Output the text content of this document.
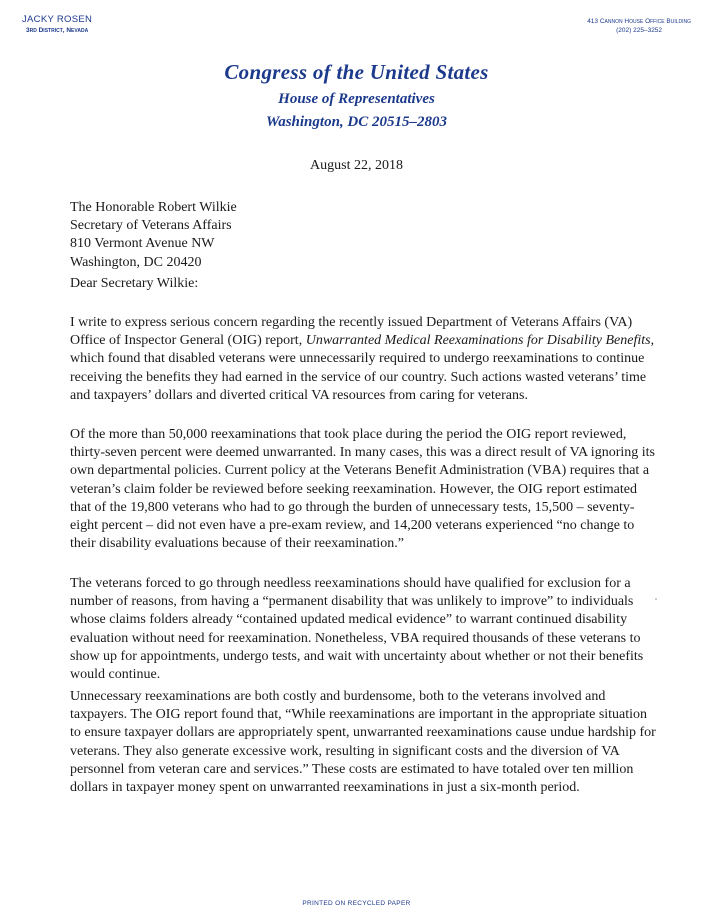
JACKY ROSEN
3rd District, Nevada
413 Cannon House Office Building
(202) 225–3252
Congress of the United States
House of Representatives
Washington, DC 20515–2803
August 22, 2018
The Honorable Robert Wilkie
Secretary of Veterans Affairs
810 Vermont Avenue NW
Washington, DC 20420
Dear Secretary Wilkie:

I write to express serious concern regarding the recently issued Department of Veterans Affairs (VA) Office of Inspector General (OIG) report, Unwarranted Medical Reexaminations for Disability Benefits, which found that disabled veterans were unnecessarily required to undergo reexaminations to continue receiving the benefits they had earned in the service of our country. Such actions wasted veterans’ time and taxpayers’ dollars and diverted critical VA resources from caring for veterans.

Of the more than 50,000 reexaminations that took place during the period the OIG report reviewed, thirty-seven percent were deemed unwarranted. In many cases, this was a direct result of VA ignoring its own departmental policies. Current policy at the Veterans Benefit Administration (VBA) requires that a veteran’s claim folder be reviewed before seeking reexamination. However, the OIG report estimated that of the 19,800 veterans who had to go through the burden of unnecessary tests, 15,500 – seventy-eight percent – did not even have a pre-exam review, and 14,200 veterans experienced “no change to their disability evaluations because of their reexamination.”

The veterans forced to go through needless reexaminations should have qualified for exclusion for a number of reasons, from having a “permanent disability that was unlikely to improve” to individuals whose claims folders already “contained updated medical evidence” to warrant continued disability evaluation without need for reexamination. Nonetheless, VBA required thousands of these veterans to show up for appointments, undergo tests, and wait with uncertainty about whether or not their benefits would continue.

Unnecessary reexaminations are both costly and burdensome, both to the veterans involved and taxpayers. The OIG report found that, “While reexaminations are important in the appropriate situation to ensure taxpayer dollars are appropriately spent, unwarranted reexaminations cause undue hardship for veterans. They also generate excessive work, resulting in significant costs and the diversion of VA personnel from veteran care and services.” These costs are estimated to have totaled over ten million dollars in taxpayer money spent on unwarranted reexaminations in just a six-month period.

PRINTED ON RECYCLED PAPER
